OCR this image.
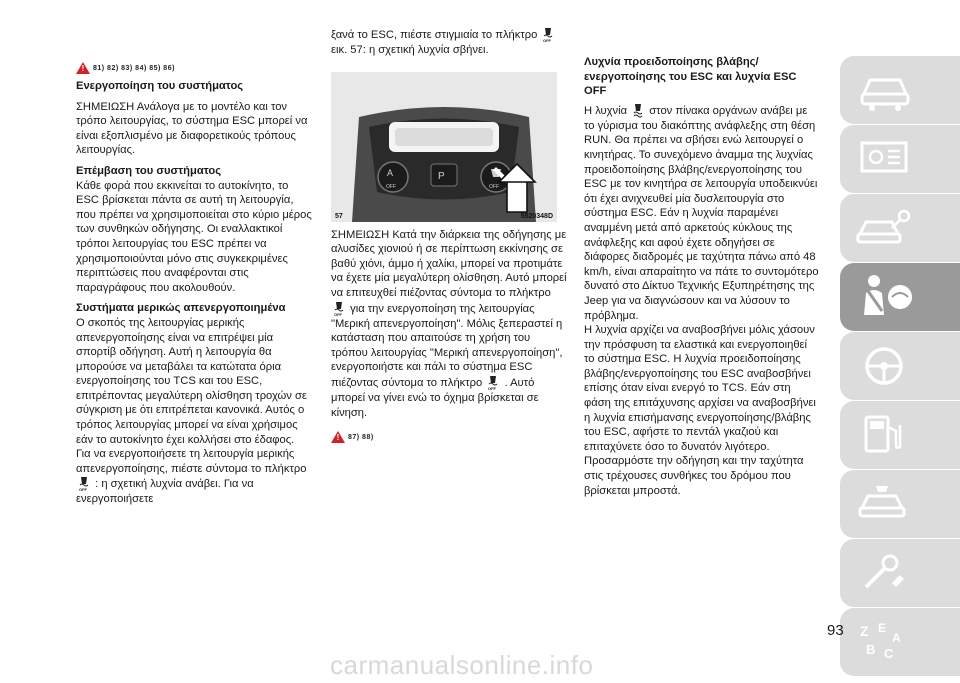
! 81) 82) 83) 84) 85) 86)
Ενεργοποίηση του συστήματος

ΣΗΜΕΙΩΣΗ Ανάλογα με το μοντέλο και τον τρόπο λειτουργίας, το σύστημα ESC μπορεί να είναι εξοπλισμένο με διαφορετικούς τρόπους λειτουργίας.

Επέμβαση του συστήματος

Κάθε φορά που εκκινείται το αυτοκίνητο, το ESC βρίσκεται πάντα σε αυτή τη λειτουργία, που πρέπει να χρησιμοποιείται στο κύριο μέρος των συνθηκών οδήγησης. Οι εναλλακτικοί τρόποι λειτουργίας του ESC πρέπει να χρησιμοποιούνται μόνο στις συγκεκριμένες περιπτώσεις που αναφέρονται στις παραγράφους που ακολουθούν.

Συστήματα μερικώς απενεργοποιημένα

Ο σκοπός της λειτουργίας μερικής απενεργοποίησης είναι να επιτρέψει μία σπορτίβ οδήγηση. Αυτή η λειτουργία θα μπορούσε να μεταβάλει τα κατώτατα όρια ενεργοποίησης του TCS και του ESC, επιτρέποντας μεγαλύτερη ολίσθηση τροχών σε σύγκριση με ότι επιτρέπεται κανονικά. Αυτός ο τρόπος λειτουργίας μπορεί να είναι χρήσιμος εάν το αυτοκίνητο έχει κολλήσει στο έδαφος.

Για να ενεργοποιήσετε τη λειτουργία μερικής απενεργοποίησης, πιέστε σύντομα το πλήκτρο
OFF : η σχετική λυχνία ανάβει. Για να ενεργοποιήσετε

ξανά το ESC, πιέστε στιγμιαία το πλήκτρο OFF
εικ. 57: η σχετική λυχνία σβήνει.

A
OFF
P
OFF
57	5520348D

ΣΗΜΕΙΩΣΗ Κατά την διάρκεια της οδήγησης με αλυσίδες χιονιού ή σε περίπτωση εκκίνησης σε βαθύ χιόνι, άμμο ή χαλίκι, μπορεί να προτιμάτε να έχετε μία μεγαλύτερη ολίσθηση. Αυτό μπορεί να επιτευχθεί πιέζοντας σύντομα το πλήκτρο
OFF για την ενεργοποίηση της λειτουργίας "Μερική απενεργοποίηση". Μόλις ξεπεραστεί η κατάσταση που απαιτούσε τη χρήση του τρόπου λειτουργίας "Μερική απενεργοποίηση", ενεργοποιήστε και πάλι το σύστημα ESC πιέζοντας σύντομα το πλήκτρο OFF . Αυτό μπορεί να γίνει ενώ το όχημα βρίσκεται σε κίνηση.

! 87) 88)
Λυχνία προειδοποίησης βλάβης/ενεργοποίησης του ESC και λυχνία ESC OFF

Η λυχνία στον πίνακα οργάνων ανάβει με το γύρισμα του διακόπτης ανάφλεξης στη θέση RUN. Θα πρέπει να σβήσει ενώ λειτουργεί ο κινητήρας. Το συνεχόμενο άναμμα της λυχνίας προειδοποίησης βλάβης/ενεργοποίησης του ESC με τον κινητήρα σε λειτουργία υποδεικνύει ότι έχει ανιχνευθεί μία δυσλειτουργία στο σύστημα ESC. Εάν η λυχνία παραμένει αναμμένη μετά από αρκετούς κύκλους της ανάφλεξης και αφού έχετε οδηγήσει σε διάφορες διαδρομές με ταχύτητα πάνω από 48 km/h, είναι απαραίτητο να πάτε το συντομότερο δυνατό στο Δίκτυο Τεχνικής Εξυπηρέτησης της Jeep για να διαγνώσουν και να λύσουν το πρόβλημα.

Η λυχνία αρχίζει να αναβοσβήνει μόλις χάσουν την πρόσφυση τα ελαστικά και ενεργοποιηθεί το σύστημα ESC. Η λυχνία προειδοποίησης βλάβης/ενεργοποίησης του ESC αναβοσβήνει επίσης όταν είναι ενεργό το TCS. Εάν στη φάση της επιτάχυνσης αρχίσει να αναβοσβήνει η λυχνία επισήμανσης ενεργοποίησης/βλάβης του ESC, αφήστε το πεντάλ γκαζιού και επιταχύνετε όσο το δυνατόν λιγότερο. Προσαρμόστε την οδήγηση και την ταχύτητα στις τρέχουσες συνθήκες του δρόμου που βρίσκεται μπροστά.

Z E
B C
A
93
carmanualsonline.info
